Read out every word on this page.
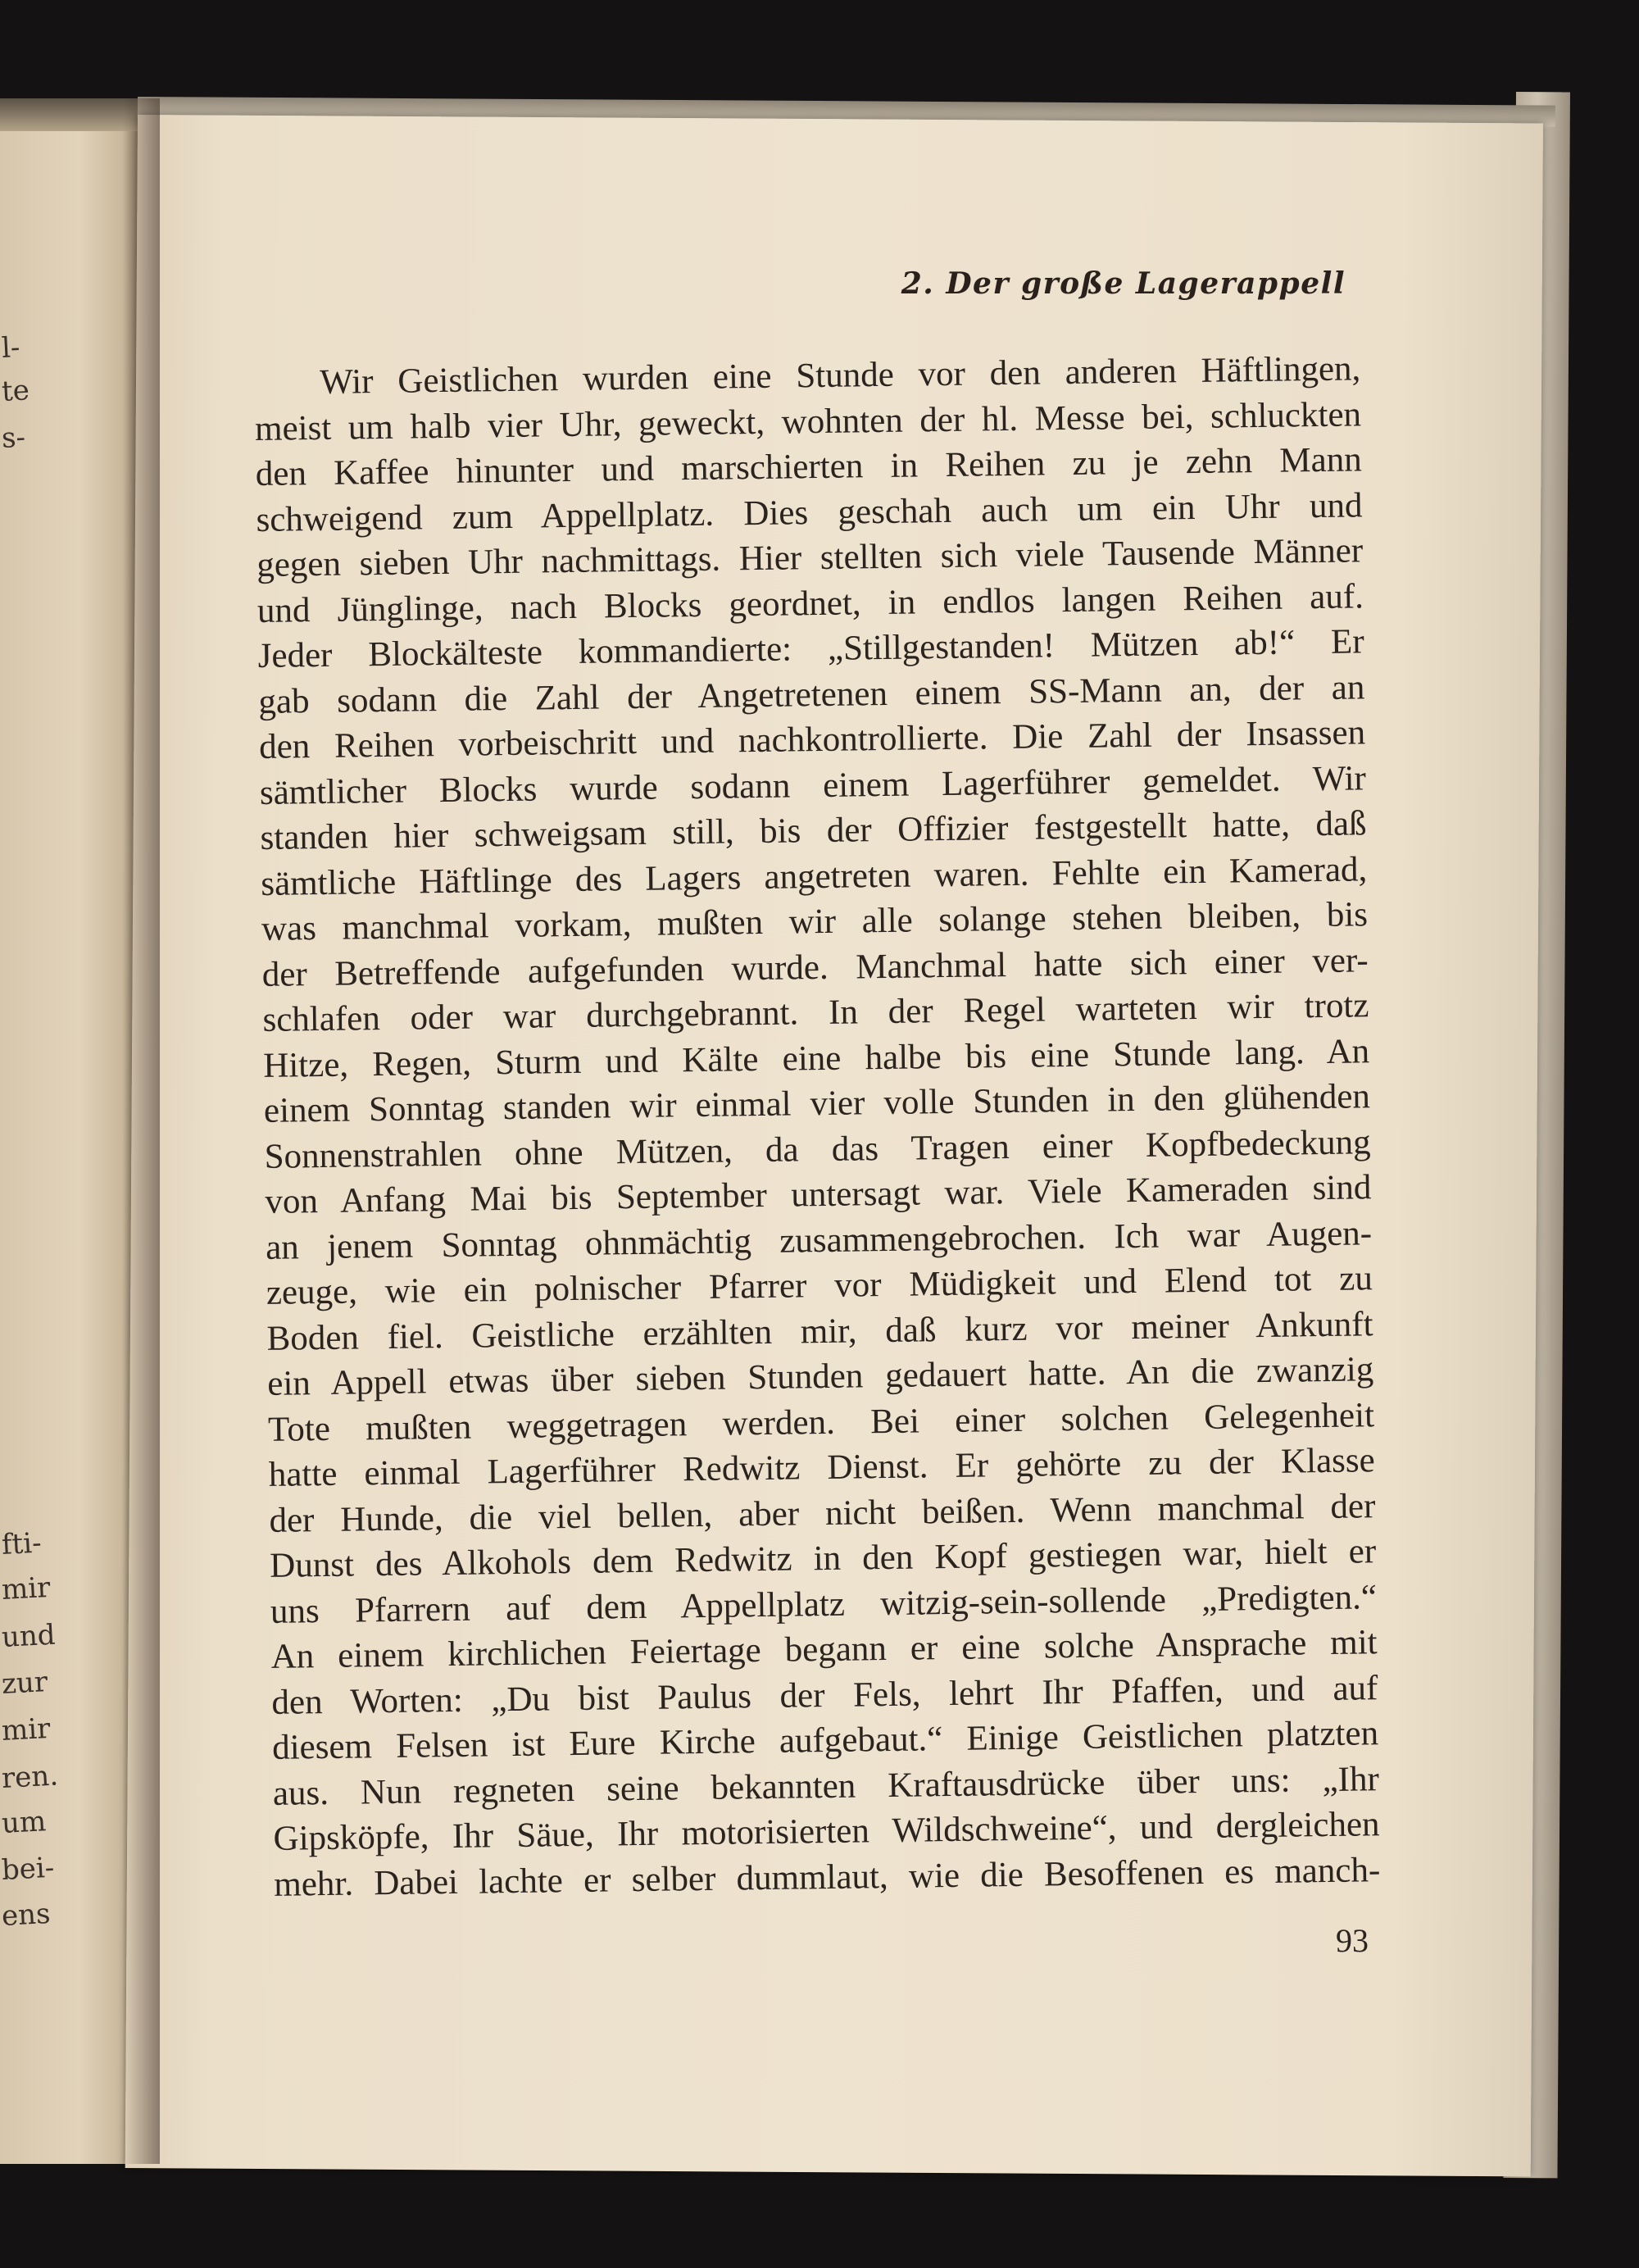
l-
te
s-
fti-
mir
und
zur
mir
ren.
um
bei-
ens
2. Der große Lagerappell
Wir Geistlichen wurden eine Stunde vor den anderen Häftlingen,
meist um halb vier Uhr, geweckt, wohnten der hl. Messe bei, schluckten
den Kaffee hinunter und marschierten in Reihen zu je zehn Mann
schweigend zum Appellplatz. Dies geschah auch um ein Uhr und
gegen sieben Uhr nachmittags. Hier stellten sich viele Tausende Männer
und Jünglinge, nach Blocks geordnet, in endlos langen Reihen auf.
Jeder Blockälteste kommandierte: „Stillgestanden! Mützen ab!“ Er
gab sodann die Zahl der Angetretenen einem SS-Mann an, der an
den Reihen vorbeischritt und nachkontrollierte. Die Zahl der Insassen
sämtlicher Blocks wurde sodann einem Lagerführer gemeldet. Wir
standen hier schweigsam still, bis der Offizier festgestellt hatte, daß
sämtliche Häftlinge des Lagers angetreten waren. Fehlte ein Kamerad,
was manchmal vorkam, mußten wir alle solange stehen bleiben, bis
der Betreffende aufgefunden wurde. Manchmal hatte sich einer ver-
schlafen oder war durchgebrannt. In der Regel warteten wir trotz
Hitze, Regen, Sturm und Kälte eine halbe bis eine Stunde lang. An
einem Sonntag standen wir einmal vier volle Stunden in den glühenden
Sonnenstrahlen ohne Mützen, da das Tragen einer Kopfbedeckung
von Anfang Mai bis September untersagt war. Viele Kameraden sind
an jenem Sonntag ohnmächtig zusammengebrochen. Ich war Augen-
zeuge, wie ein polnischer Pfarrer vor Müdigkeit und Elend tot zu
Boden fiel. Geistliche erzählten mir, daß kurz vor meiner Ankunft
ein Appell etwas über sieben Stunden gedauert hatte. An die zwanzig
Tote mußten weggetragen werden. Bei einer solchen Gelegenheit
hatte einmal Lagerführer Redwitz Dienst. Er gehörte zu der Klasse
der Hunde, die viel bellen, aber nicht beißen. Wenn manchmal der
Dunst des Alkohols dem Redwitz in den Kopf gestiegen war, hielt er
uns Pfarrern auf dem Appellplatz witzig-sein-sollende „Predigten.“
An einem kirchlichen Feiertage begann er eine solche Ansprache mit
den Worten: „Du bist Paulus der Fels, lehrt Ihr Pfaffen, und auf
diesem Felsen ist Eure Kirche aufgebaut.“ Einige Geistlichen platzten
aus. Nun regneten seine bekannten Kraftausdrücke über uns: „Ihr
Gipsköpfe, Ihr Säue, Ihr motorisierten Wildschweine“, und dergleichen
mehr. Dabei lachte er selber dummlaut, wie die Besoffenen es manch-
93
